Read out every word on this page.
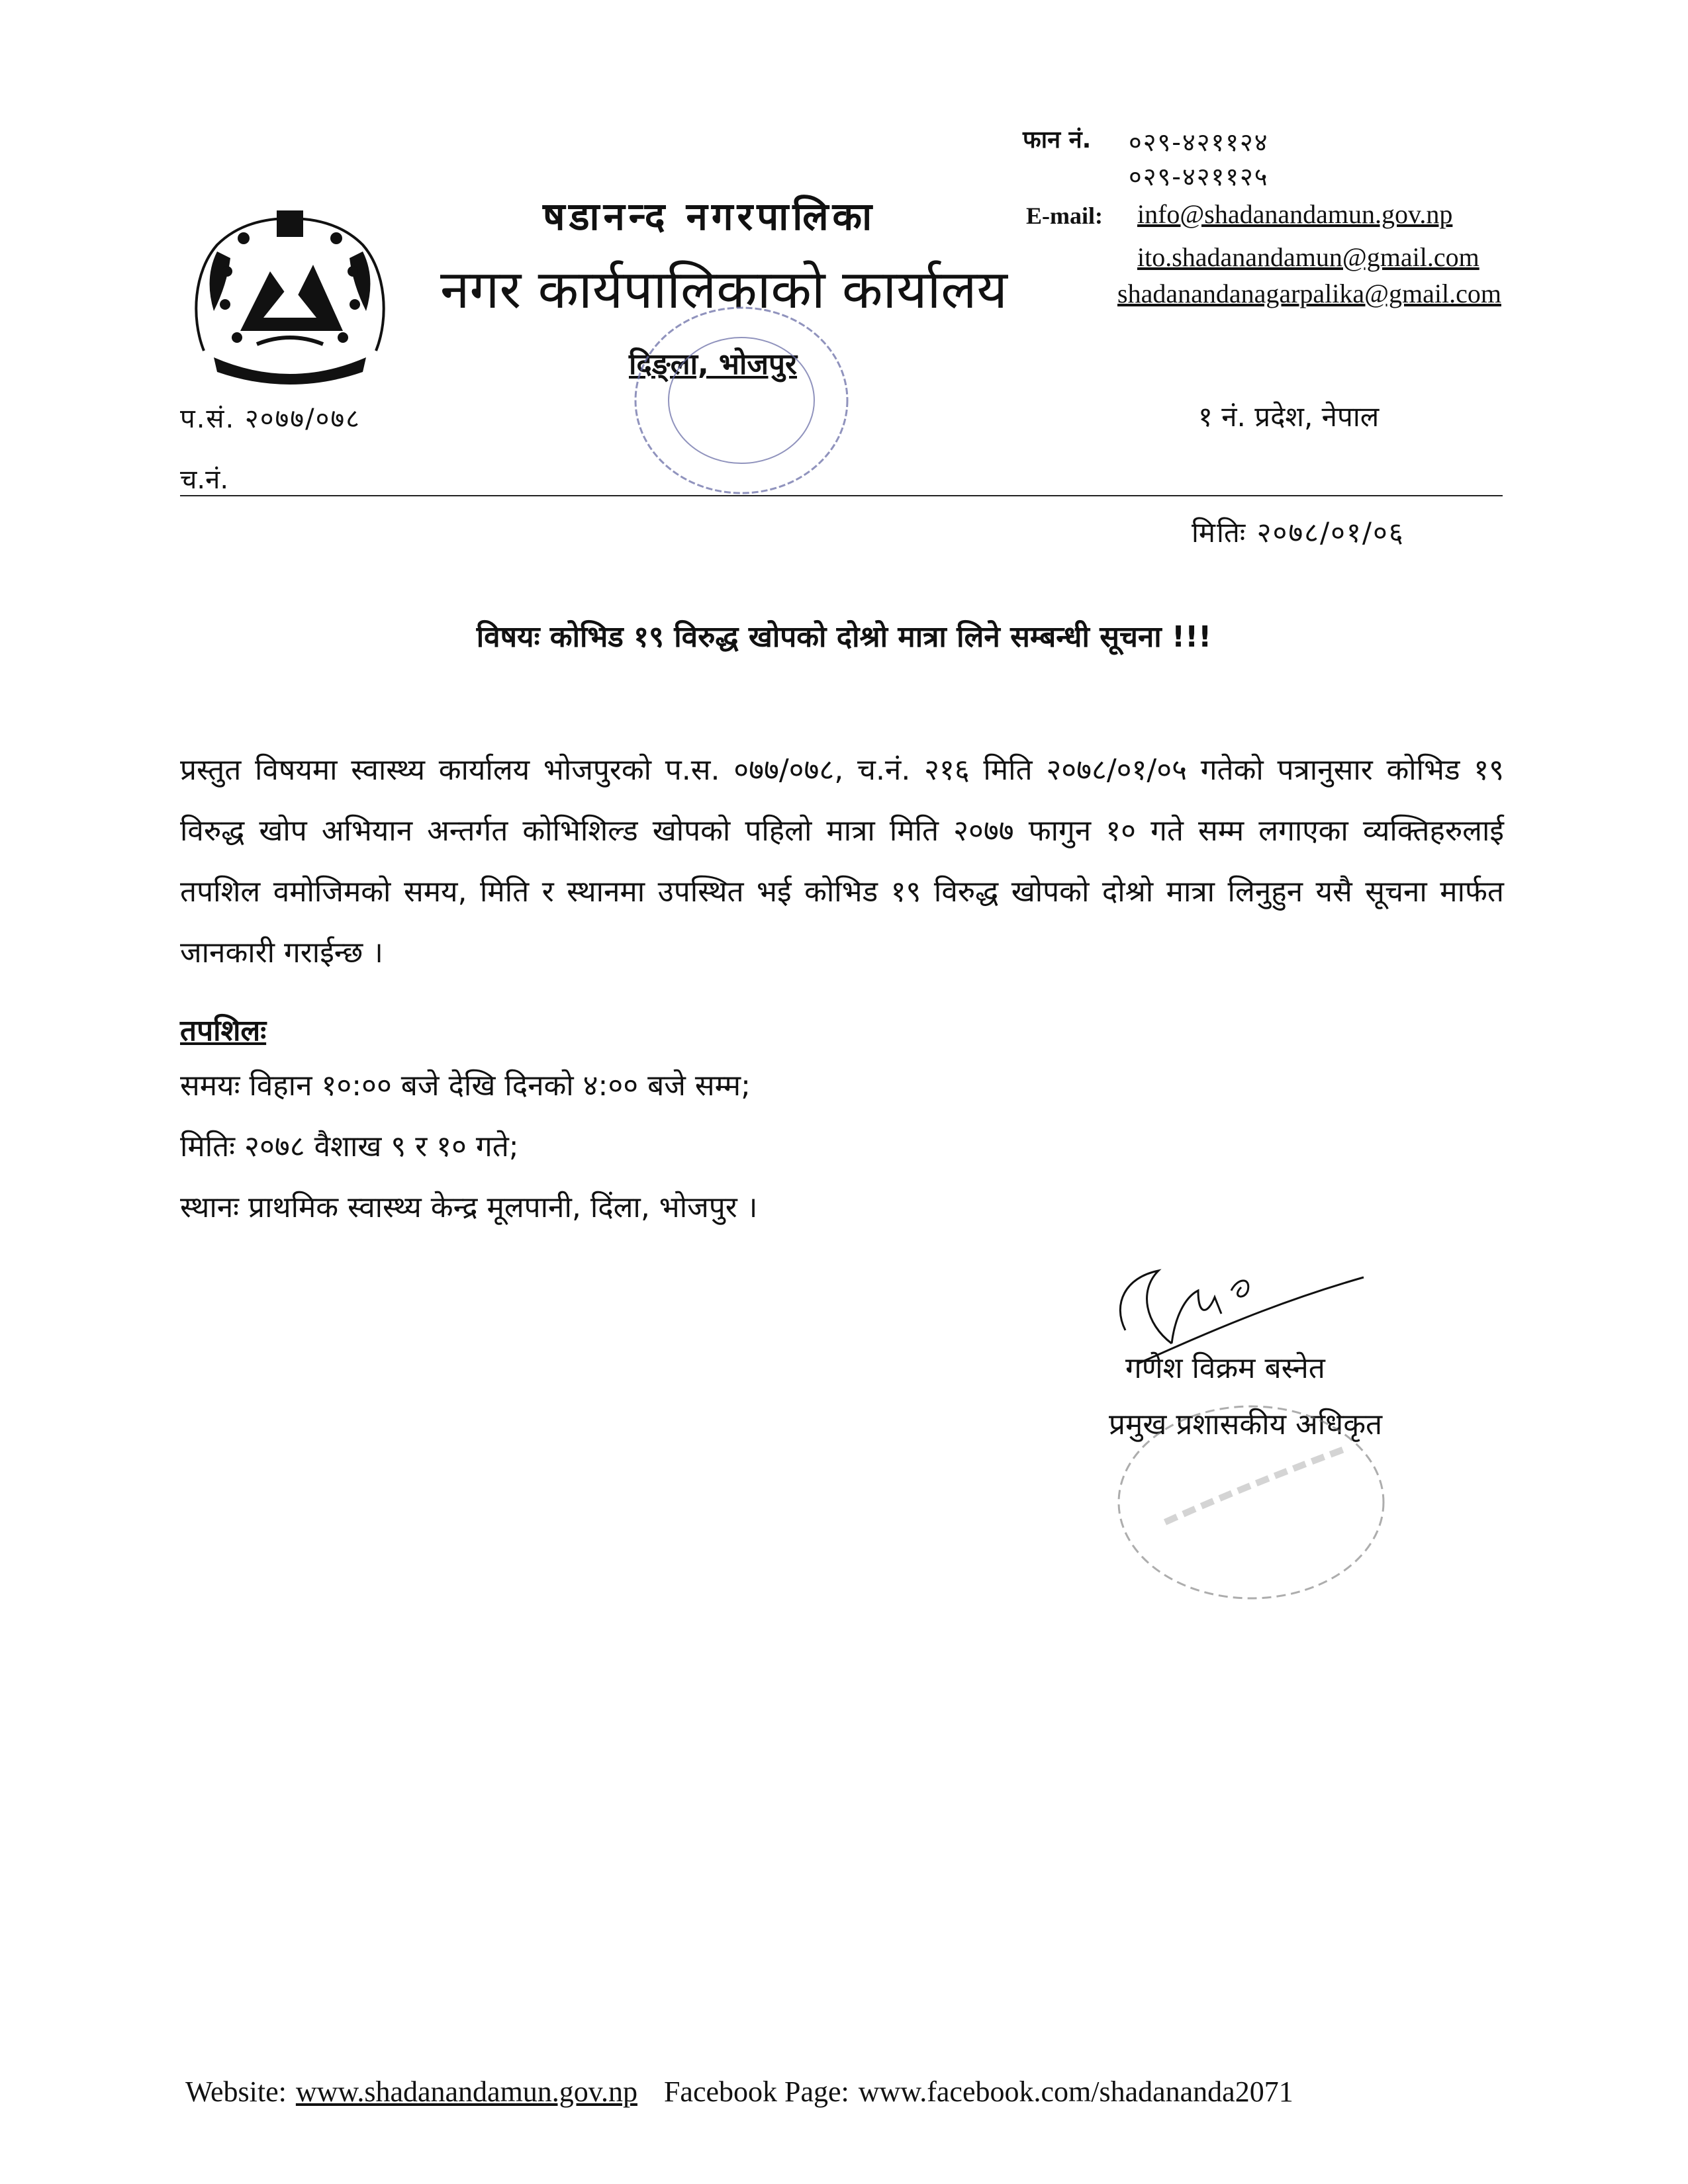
षडानन्द नगरपालिका
नगर कार्यपालिकाको कार्यालय
दिङ्ला, भोजपुर
फान नं. ०२९-४२११२४
०२९-४२११२५
E-mail: info@shadanandamun.gov.np
ito.shadanandamun@gmail.com
shadanandanagarpalika@gmail.com
प.सं. २०७७/०७८
च.नं.
१ नं. प्रदेश, नेपाल
मितिः २०७८/०१/०६
विषयः कोभिड १९ विरुद्ध खोपको दोश्रो मात्रा लिने सम्बन्धी सूचना !!!
प्रस्तुत विषयमा स्वास्थ्य कार्यालय भोजपुरको प.स. ०७७/०७८, च.नं. २१६ मिति २०७८/०१/०५ गतेको पत्रानुसार कोभिड १९ विरुद्ध खोप अभियान अन्तर्गत कोभिशिल्ड खोपको पहिलो मात्रा मिति २०७७ फागुन १० गते सम्म लगाएका व्यक्तिहरुलाई तपशिल वमोजिमको समय, मिति र स्थानमा उपस्थित भई कोभिड १९ विरुद्ध खोपको दोश्रो मात्रा लिनुहुन यसै सूचना मार्फत जानकारी गराईन्छ ।
तपशिलः
समयः विहान १०:०० बजे देखि दिनको ४:०० बजे सम्म;
मितिः २०७८ वैशाख ९ र १० गते;
स्थानः प्राथमिक स्वास्थ्य केन्द्र मूलपानी, दिंला, भोजपुर ।
गणेश विक्रम बस्नेत
प्रमुख प्रशासकीय अधिकृत
Website: www.shadanandamun.gov.np Facebook Page: www.facebook.com/shadananda2071
